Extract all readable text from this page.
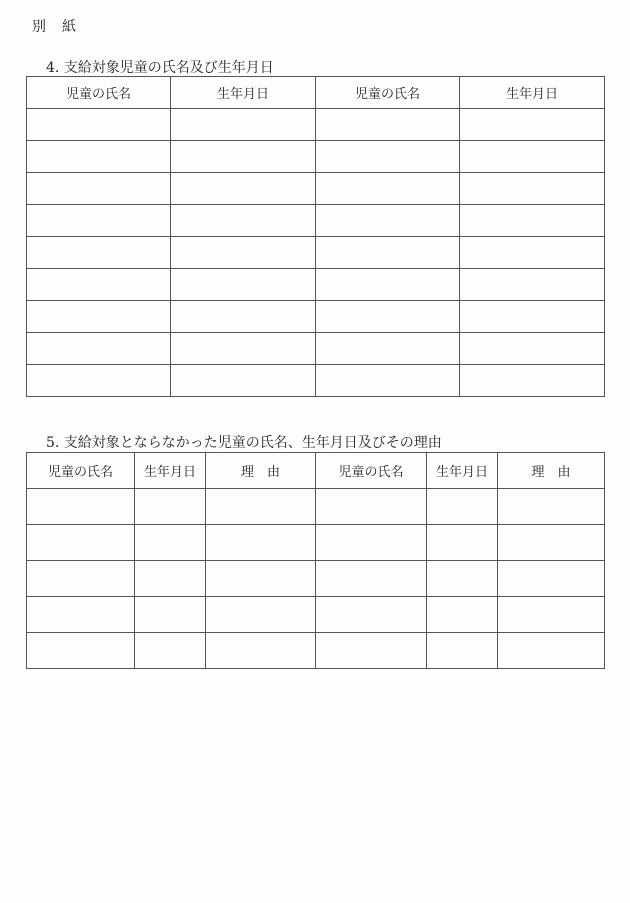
別　紙
4. 支給対象児童の氏名及び生年月日
児童の氏名	生年月日	児童の氏名	生年月日

5. 支給対象とならなかった児童の氏名、生年月日及びその理由
児童の氏名	生年月日	理　由	児童の氏名	生年月日	理　由
